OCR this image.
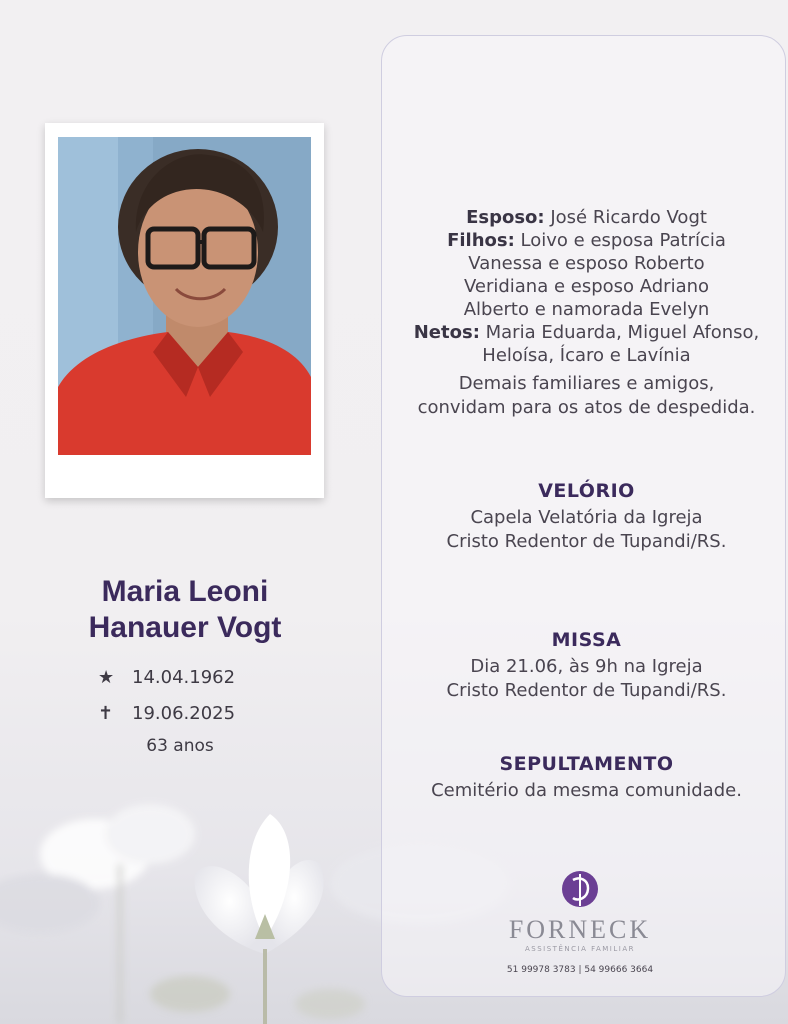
Maria Leoni
Hanauer Vogt
★ 14.04.1962
✝	19.06.2025
63 anos
Esposo: José Ricardo Vogt
Filhos: Loivo e esposa Patrícia
Vanessa e esposo Roberto
Veridiana e esposo Adriano
Alberto e namorada Evelyn
Netos: Maria Eduarda, Miguel Afonso,
Heloísa, Ícaro e Lavínia
Demais familiares e amigos,
convidam para os atos de despedida.
VELÓRIO
Capela Velatória da Igreja
Cristo Redentor de Tupandi/RS.
MISSA
Dia 21.06, às 9h na Igreja
Cristo Redentor de Tupandi/RS.
SEPULTAMENTO
Cemitério da mesma comunidade.
FORNECK
ASSISTÊNCIA FAMILIAR
51 99978 3783 | 54 99666 3664
